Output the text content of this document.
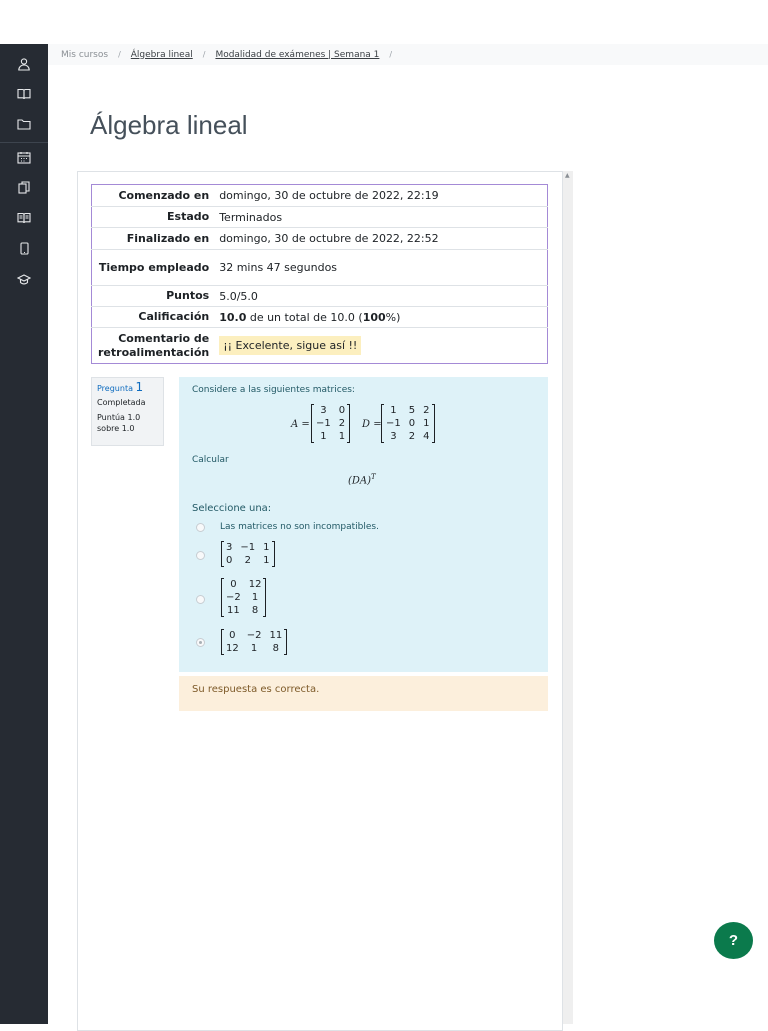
Mis cursos / Álgebra lineal / Modalidad de exámenes | Semana 1 /
Álgebra lineal
▲
Comenzado en	domingo, 30 de octubre de 2022, 22:19
Estado	Terminados
Finalizado en	domingo, 30 de octubre de 2022, 22:52
Tiempo empleado	32 mins 47 segundos
Puntos	5.0/5.0
Calificación	10.0 de un total de 10.0 (100%)
Comentario de retroalimentación	¡¡ Excelente, sigue así !!
Pregunta 1
Completada
Puntúa 1.0 sobre 1.0
Considere a las siguientes matrices:
A =
3	0
−1	2
1	1
D =
1	5	2
−1	0	1
3	2	4
Calcular
(DA)$^T$
Seleccione una:
Las matrices no son incompatibles.
3	−1	1
0	2	1
0	12
−2	1
11	8
0	−2	11
12	1	8
Su respuesta es correcta.
?
